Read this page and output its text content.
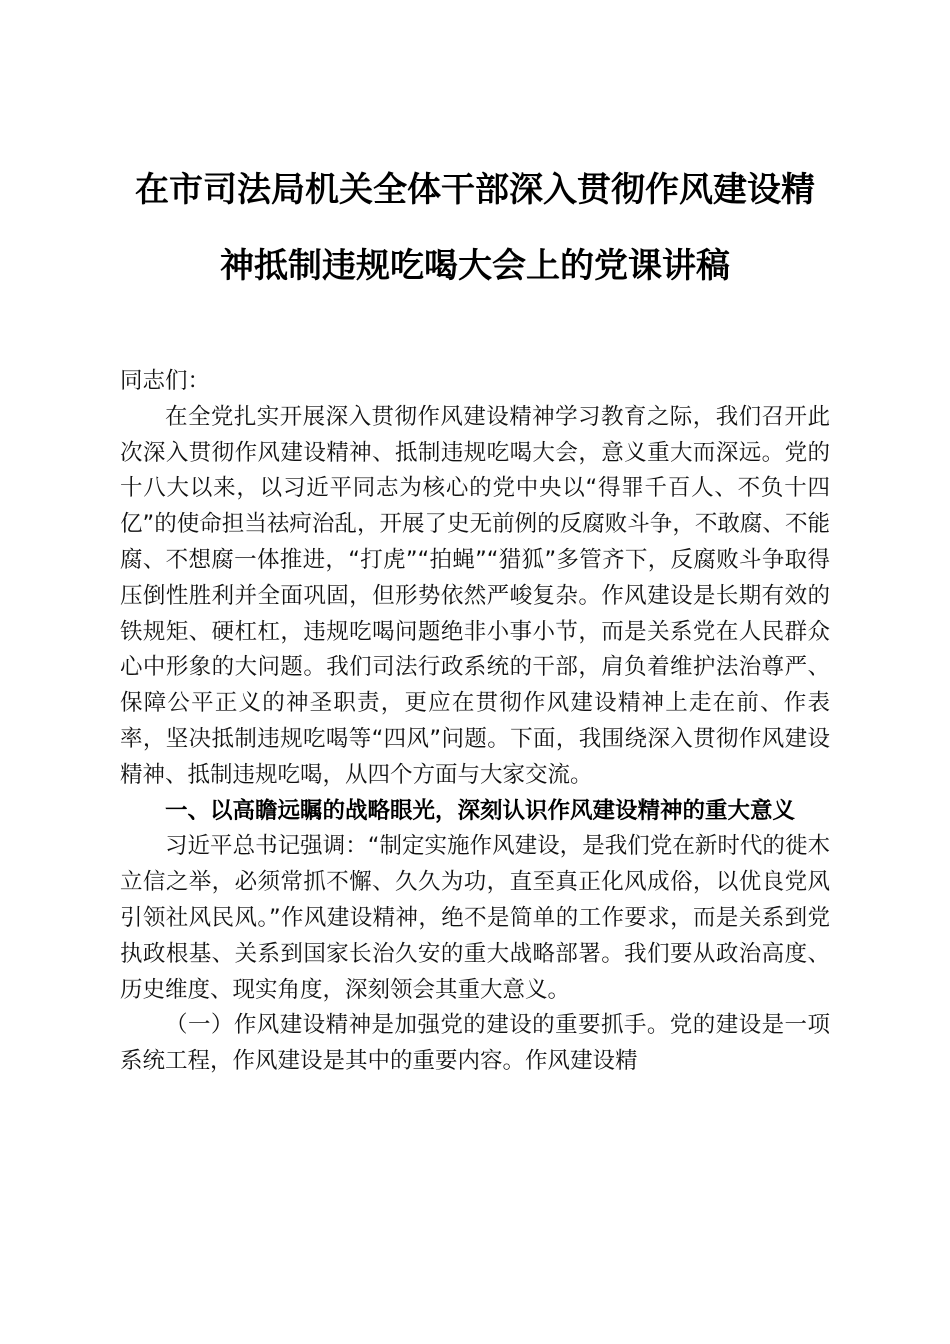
在市司法局机关全体干部深入贯彻作风建设精
神抵制违规吃喝大会上的党课讲稿

同志们：

在全党扎实开展深入贯彻作风建设精神学习教育之际，我们召开此次深入贯彻作风建设精神、抵制违规吃喝大会，意义重大而深远。党的十八大以来，以习近平同志为核心的党中央以“得罪千百人、不负十四亿”的使命担当祛疴治乱，开展了史无前例的反腐败斗争，不敢腐、不能腐、不想腐一体推进，“打虎”“拍蝇”“猎狐”多管齐下，反腐败斗争取得压倒性胜利并全面巩固，但形势依然严峻复杂。作风建设是长期有效的铁规矩、硬杠杠，违规吃喝问题绝非小事小节，而是关系党在人民群众心中形象的大问题。我们司法行政系统的干部，肩负着维护法治尊严、保障公平正义的神圣职责，更应在贯彻作风建设精神上走在前、作表率，坚决抵制违规吃喝等“四风”问题。下面，我围绕深入贯彻作风建设精神、抵制违规吃喝，从四个方面与大家交流。

一、以高瞻远瞩的战略眼光，深刻认识作风建设精神的重大意义

习近平总书记强调：“制定实施作风建设，是我们党在新时代的徙木立信之举，必须常抓不懈、久久为功，直至真正化风成俗，以优良党风引领社风民风。”作风建设精神，绝不是简单的工作要求，而是关系到党执政根基、关系到国家长治久安的重大战略部署。我们要从政治高度、历史维度、现实角度，深刻领会其重大意义。

（一）作风建设精神是加强党的建设的重要抓手。党的建设是一项系统工程，作风建设是其中的重要内容。作风建设精
